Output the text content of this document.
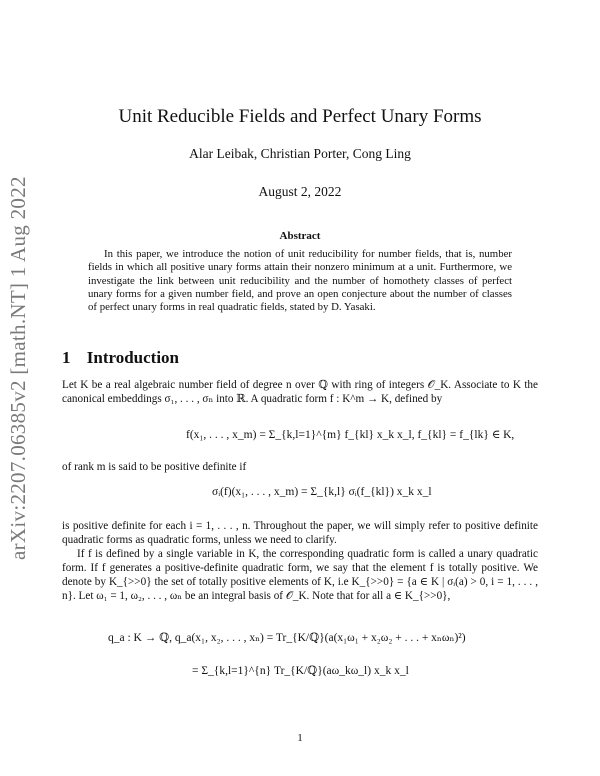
arXiv:2207.06385v2 [math.NT] 1 Aug 2022
Unit Reducible Fields and Perfect Unary Forms
Alar Leibak, Christian Porter, Cong Ling
August 2, 2022
Abstract
In this paper, we introduce the notion of unit reducibility for number fields, that is, number fields in which all positive unary forms attain their nonzero minimum at a unit. Furthermore, we investigate the link between unit reducibility and the number of homothety classes of perfect unary forms for a given number field, and prove an open conjecture about the number of classes of perfect unary forms in real quadratic fields, stated by D. Yasaki.
1 Introduction
Let K be a real algebraic number field of degree n over ℚ with ring of integers 𝒪_K. Associate to K the canonical embeddings σ₁, . . . , σₙ into ℝ. A quadratic form f : K^m → K, defined by
f(x₁, . . . , x_m) = Σ_{k,l=1}^{m} f_{kl} x_k x_l, f_{kl} = f_{lk} ∈ K,
of rank m is said to be positive definite if
σᵢ(f)(x₁, . . . , x_m) = Σ_{k,l} σᵢ(f_{kl}) x_k x_l
is positive definite for each i = 1, . . . , n. Throughout the paper, we will simply refer to positive definite quadratic forms as quadratic forms, unless we need to clarify.
If f is defined by a single variable in K, the corresponding quadratic form is called a unary quadratic form. If f generates a positive-definite quadratic form, we say that the element f is totally positive. We denote by K_{>>0} the set of totally positive elements of K, i.e K_{>>0} = {a ∈ K | σᵢ(a) > 0, i = 1, . . . , n}. Let ω₁ = 1, ω₂, . . . , ωₙ be an integral basis of 𝒪_K. Note that for all a ∈ K_{>>0},
q_a : K → ℚ, q_a(x₁, x₂, . . . , xₙ) = Tr_{K/ℚ}(a(x₁ω₁ + x₂ω₂ + . . . + xₙωₙ)²)
= Σ_{k,l=1}^{n} Tr_{K/ℚ}(aω_kω_l) x_k x_l
1
